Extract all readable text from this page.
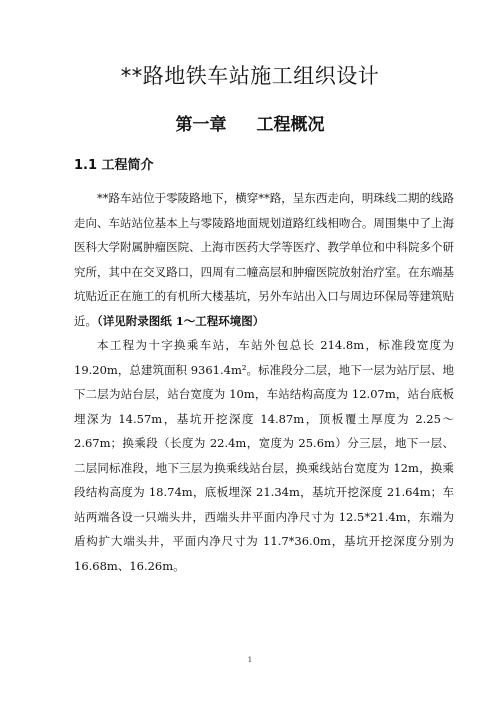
**路地铁车站施工组织设计
第一章 工程概况
1.1 工程简介

**路车站位于零陵路地下，横穿**路，呈东西走向，明珠线二期的线路走向、车站站位基本上与零陵路地面规划道路红线相吻合。周围集中了上海医科大学附属肿瘤医院、上海市医药大学等医疗、教学单位和中科院多个研究所，其中在交叉路口，四周有二幢高层和肿瘤医院放射治疗室。在东端基坑贴近正在施工的有机所大楼基坑，另外车站出入口与周边环保局等建筑贴近。（详见附录图纸 1～工程环境图）

本工程为十字换乘车站，车站外包总长 214.8m，标准段宽度为 19.20m，总建筑面积 9361.4m²。标准段分二层，地下一层为站厅层、地下二层为站台层，站台宽度为 10m，车站结构高度为 12.07m，站台底板埋深为 14.57m，基坑开挖深度 14.87m，顶板覆土厚度为 2.25～2.67m；换乘段（长度为 22.4m，宽度为 25.6m）分三层，地下一层、二层同标准段，地下三层为换乘线站台层，换乘线站台宽度为 12m，换乘段结构高度为 18.74m，底板埋深 21.34m，基坑开挖深度 21.64m；车站两端各设一只端头井，西端头井平面内净尺寸为 12.5*21.4m，东端为盾构扩大端头井，平面内净尺寸为 11.7*36.0m，基坑开挖深度分别为 16.68m、16.26m。

1
